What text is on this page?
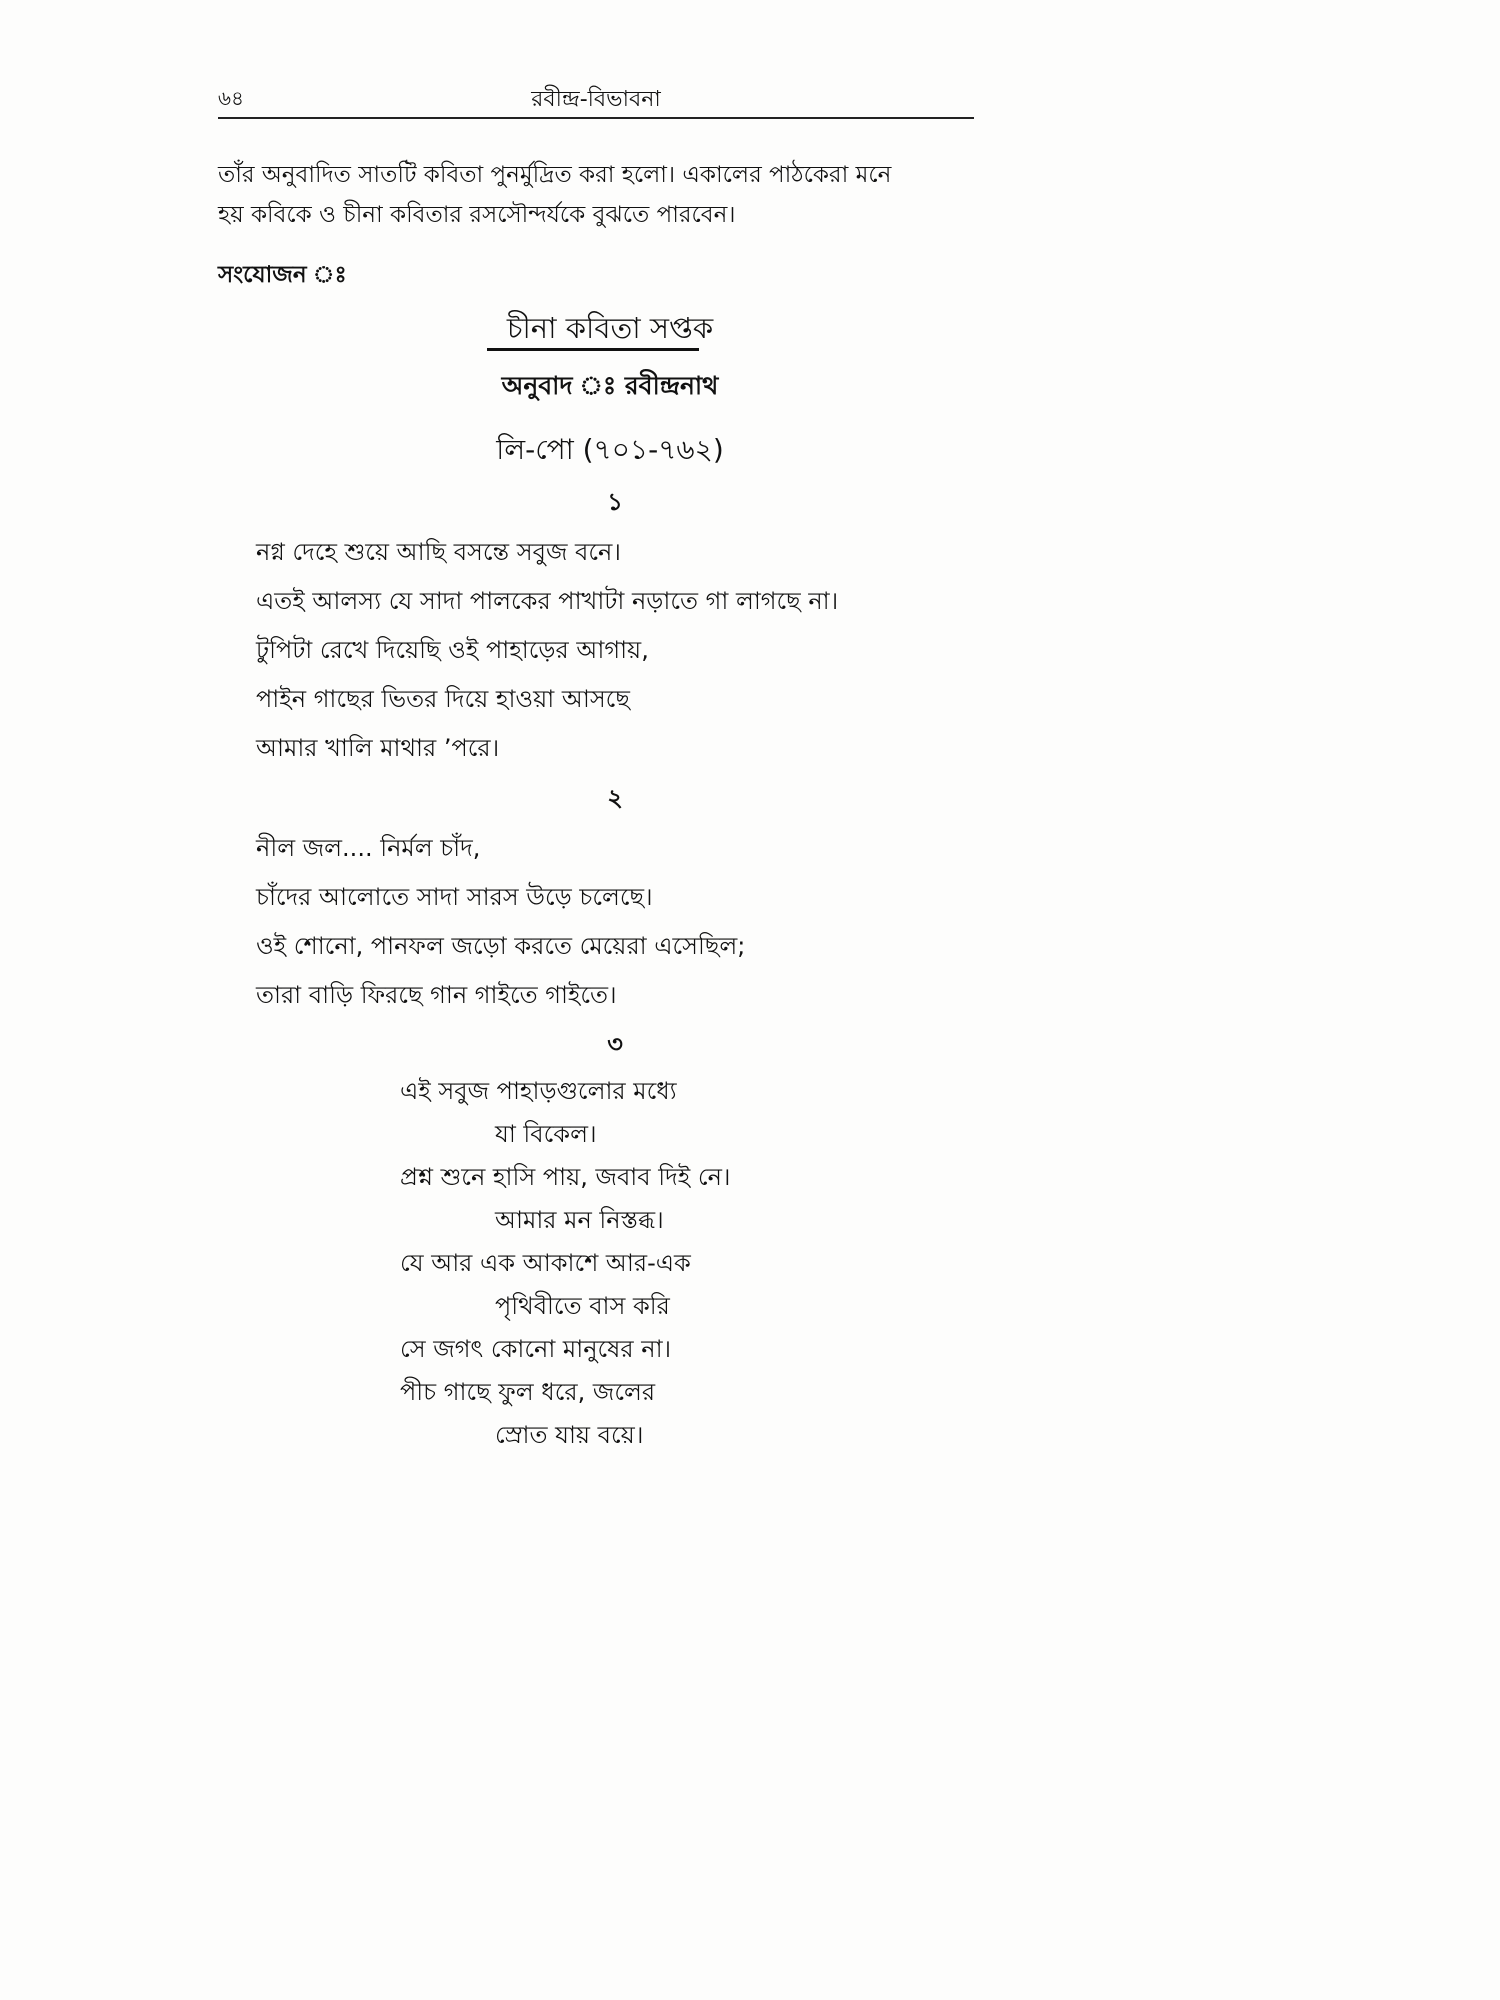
৬৪	রবীন্দ্র-বিভাবনা

তাঁর অনুবাদিত সাতটি কবিতা পুনর্মুদ্রিত করা হলো। একালের পাঠকেরা মনে

হয় কবিকে ও চীনা কবিতার রসসৌন্দর্যকে বুঝতে পারবেন।

সংযোজন ঃ
চীনা কবিতা সপ্তক
অনুবাদ ঃ রবীন্দ্রনাথ
লি-পো (৭০১-৭৬২)
১

নগ্ন দেহে শুয়ে আছি বসন্তে সবুজ বনে।

এতই আলস্য যে সাদা পালকের পাখাটা নড়াতে গা লাগছে না।

টুপিটা রেখে দিয়েছি ওই পাহাড়ের আগায়,

পাইন গাছের ভিতর দিয়ে হাওয়া আসছে

আমার খালি মাথার ’পরে।

২

নীল জল.... নির্মল চাঁদ,

চাঁদের আলোতে সাদা সারস উড়ে চলেছে।

ওই শোনো, পানফল জড়ো করতে মেয়েরা এসেছিল;

তারা বাড়ি ফিরছে গান গাইতে গাইতে।

৩

এই সবুজ পাহাড়গুলোর মধ্যে

যা বিকেল।

প্রশ্ন শুনে হাসি পায়, জবাব দিই নে।

আমার মন নিস্তব্ধ।

যে আর এক আকাশে আর-এক

পৃথিবীতে বাস করি

সে জগৎ কোনো মানুষের না।

পীচ গাছে ফুল ধরে, জলের

স্রোত যায় বয়ে।
